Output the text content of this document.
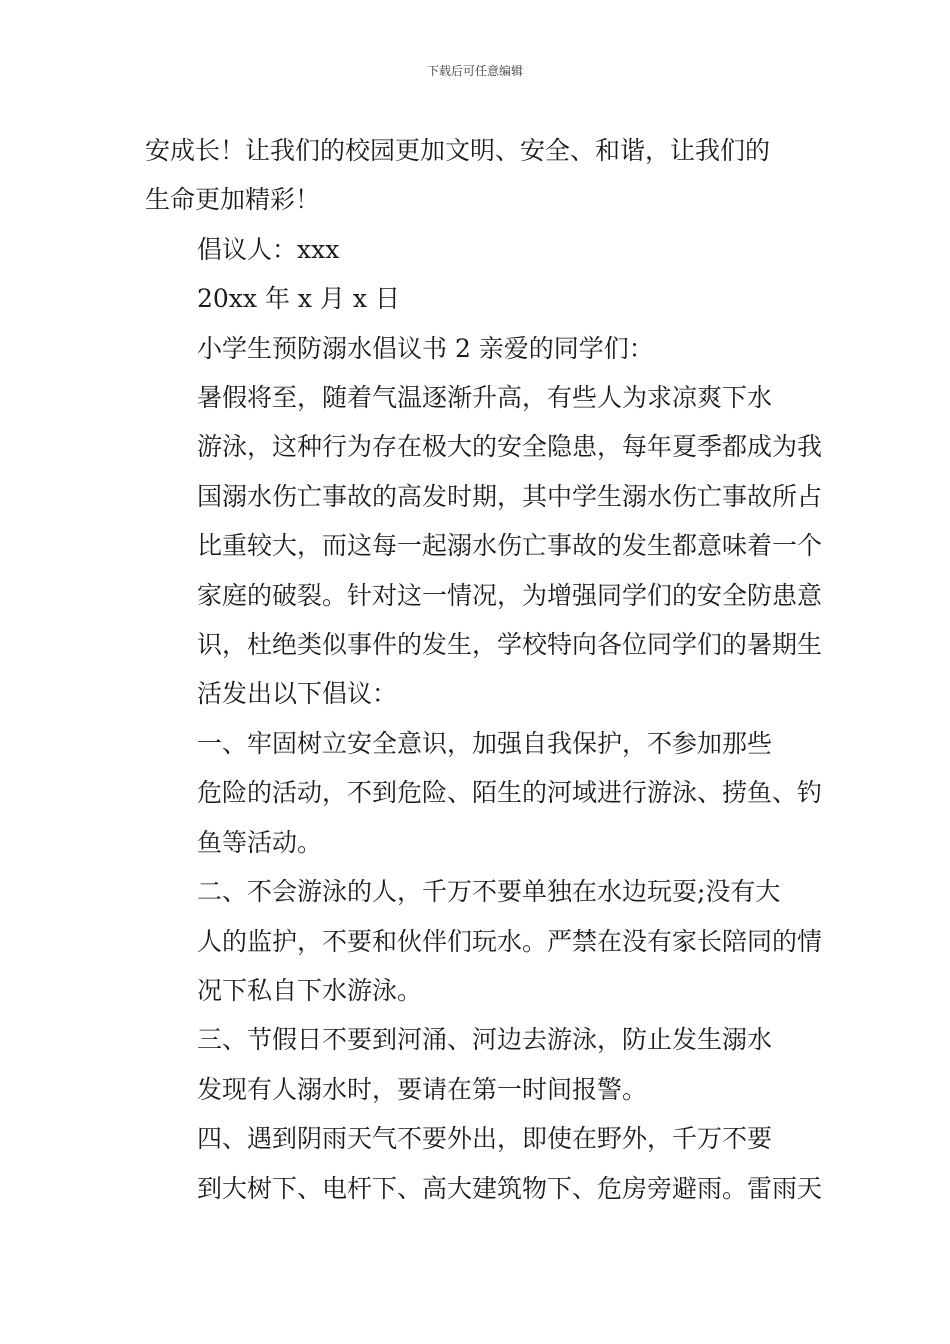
下载后可任意编辑
安成长！让我们的校园更加文明、安全、和谐，让我们的
生命更加精彩！
倡议人：xxx
20xx 年 x 月 x 日
小学生预防溺水倡议书 2 亲爱的同学们：
暑假将至，随着气温逐渐升高，有些人为求凉爽下水
游泳，这种行为存在极大的安全隐患，每年夏季都成为我
国溺水伤亡事故的高发时期，其中学生溺水伤亡事故所占
比重较大，而这每一起溺水伤亡事故的发生都意味着一个
家庭的破裂。针对这一情况，为增强同学们的安全防患意
识，杜绝类似事件的发生，学校特向各位同学们的暑期生
活发出以下倡议：
一、牢固树立安全意识，加强自我保护，不参加那些
危险的活动，不到危险、陌生的河域进行游泳、捞鱼、钓
鱼等活动。
二、不会游泳的人，千万不要单独在水边玩耍;没有大
人的监护，不要和伙伴们玩水。严禁在没有家长陪同的情
况下私自下水游泳。
三、节假日不要到河涌、河边去游泳，防止发生溺水
发现有人溺水时，要请在第一时间报警。
四、遇到阴雨天气不要外出，即使在野外，千万不要
到大树下、电杆下、高大建筑物下、危房旁避雨。雷雨天
